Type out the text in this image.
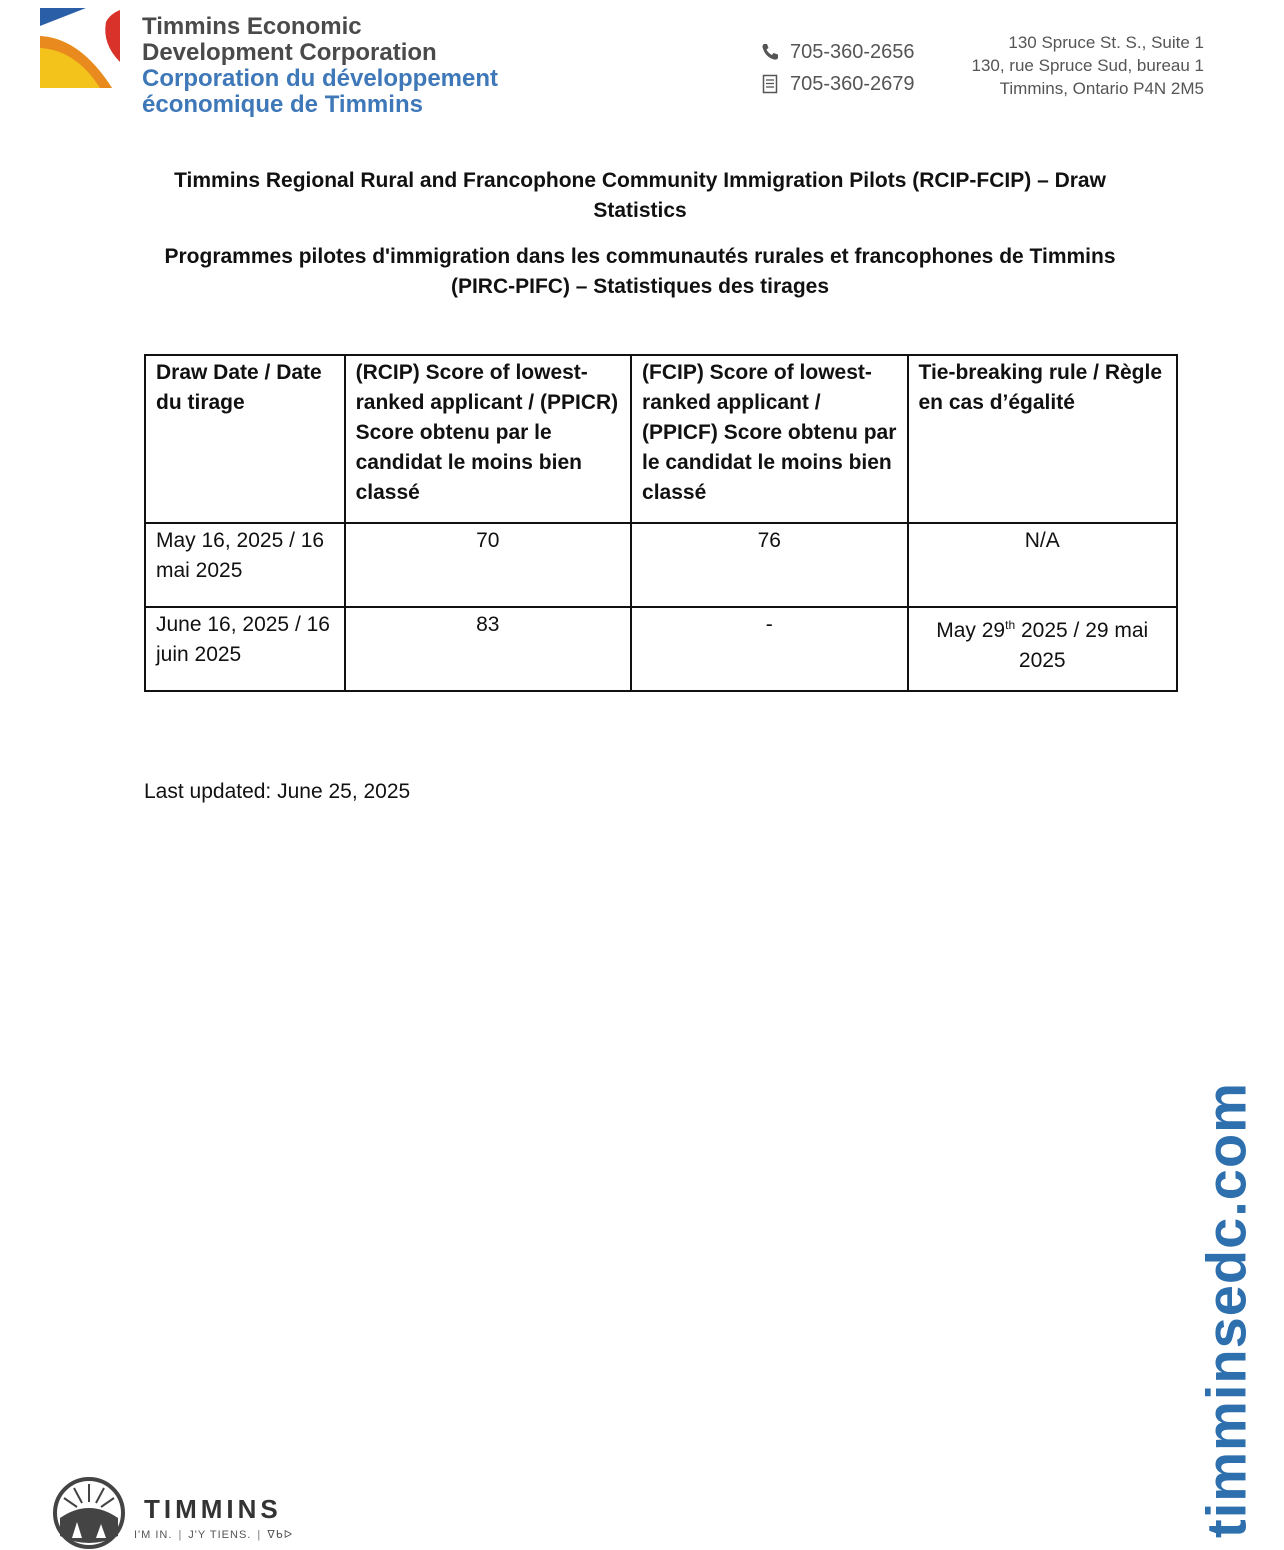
Timmins Economic
Development Corporation
Corporation du développement
économique de Timmins
705-360-2656
705-360-2679
130 Spruce St. S., Suite 1
130, rue Spruce Sud, bureau 1
Timmins, Ontario P4N 2M5

Timmins Regional Rural and Francophone Community Immigration Pilots (RCIP-FCIP) – Draw Statistics

Programmes pilotes d'immigration dans les communautés rurales et francophones de Timmins (PIRC-PIFC) – Statistiques des tirages

Draw Date / Date du tirage	(RCIP) Score of lowest-ranked applicant / (PPICR) Score obtenu par le candidat le moins bien classé	(FCIP) Score of lowest-ranked applicant / (PPICF) Score obtenu par le candidat le moins bien classé	Tie-breaking rule / Règle en cas d’égalité
May 16, 2025 / 16 mai 2025	70	76	N/A
June 16, 2025 / 16 juin 2025	83	-	May 29th 2025 / 29 mai 2025
Last updated: June 25, 2025
TIMMINS
I'M IN. | J'Y TIENS. | ᐁᑲᐅ	timminsedc.com
